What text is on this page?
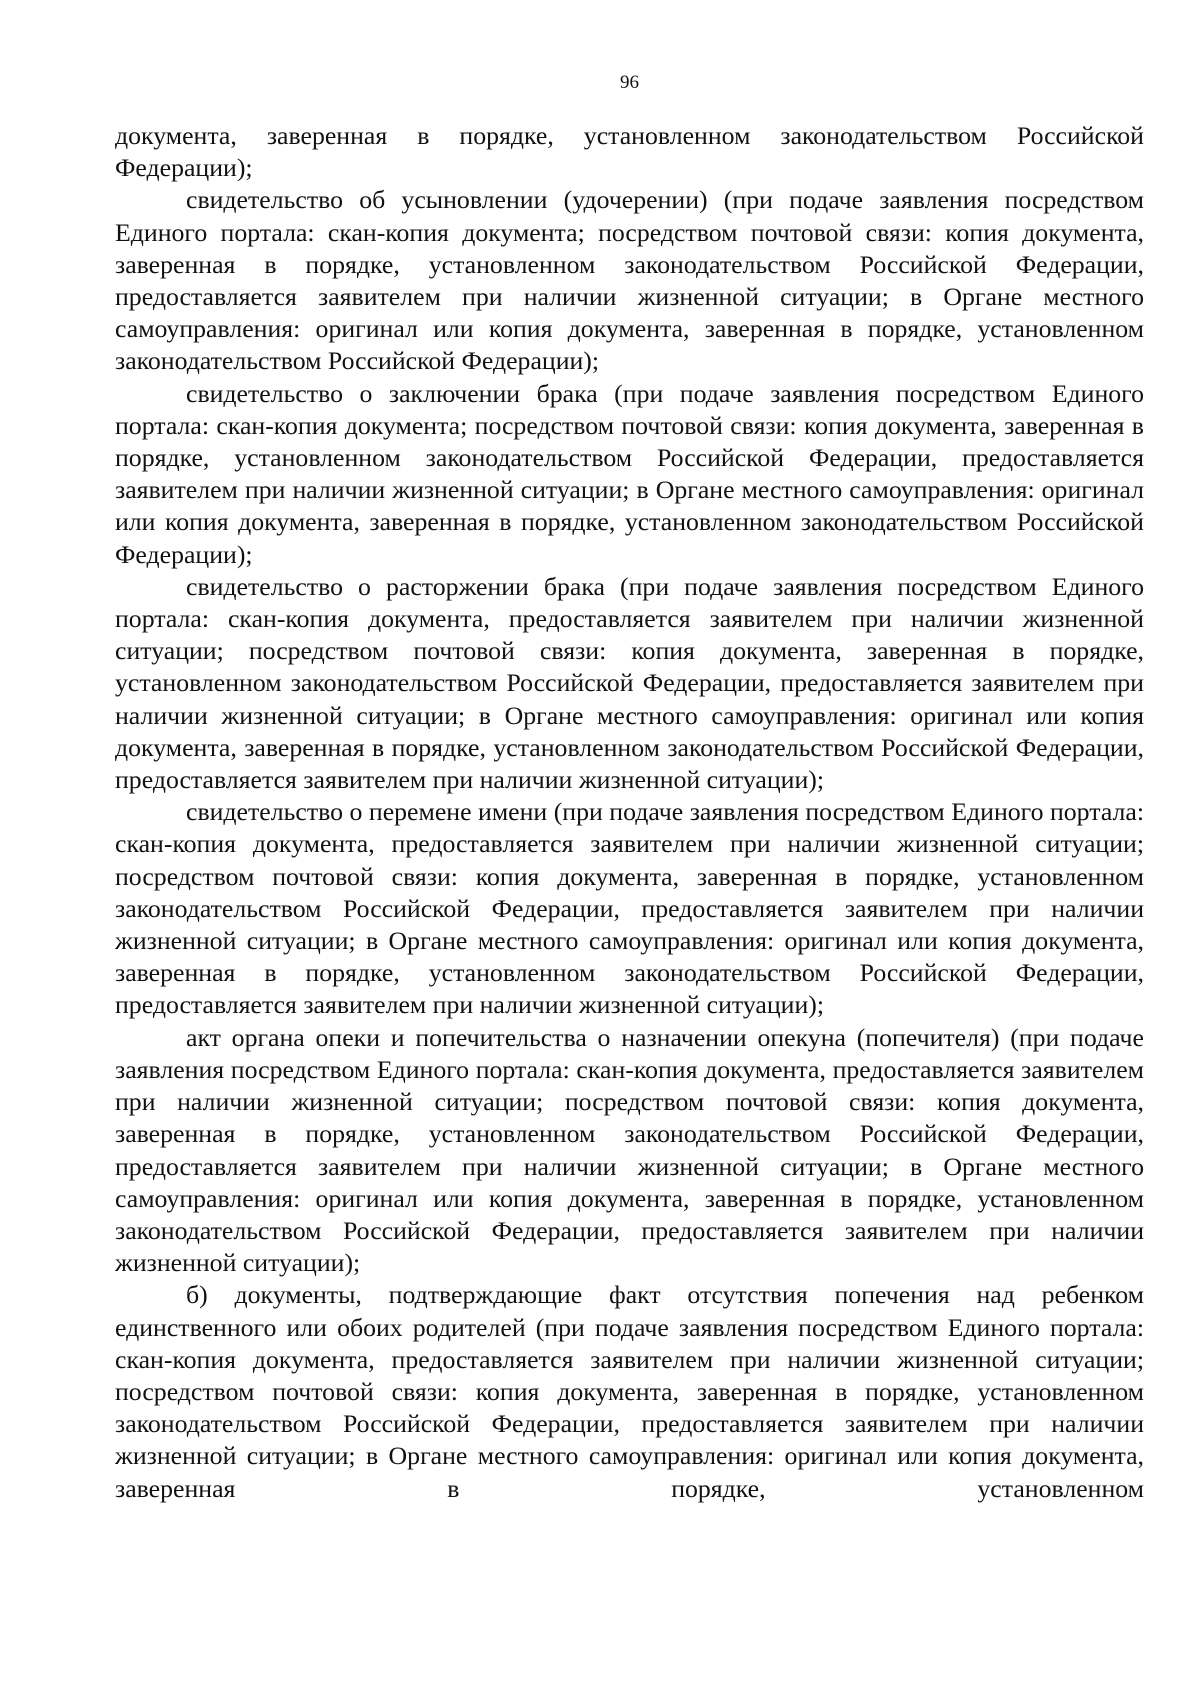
96

документа, заверенная в порядке, установленном законодательством Российской Федерации);

свидетельство об усыновлении (удочерении) (при подаче заявления посредством Единого портала: скан-копия документа; посредством почтовой связи: копия документа, заверенная в порядке, установленном законодательством Российской Федерации, предоставляется заявителем при наличии жизненной ситуации; в Органе местного самоуправления: оригинал или копия документа, заверенная в порядке, установленном законодательством Российской Федерации);

свидетельство о заключении брака (при подаче заявления посредством Единого портала: скан-копия документа; посредством почтовой связи: копия документа, заверенная в порядке, установленном законодательством Российской Федерации, предоставляется заявителем при наличии жизненной ситуации; в Органе местного самоуправления: оригинал или копия документа, заверенная в порядке, установленном законодательством Российской Федерации);

свидетельство о расторжении брака (при подаче заявления посредством Единого портала: скан-копия документа, предоставляется заявителем при наличии жизненной ситуации; посредством почтовой связи: копия документа, заверенная в порядке, установленном законодательством Российской Федерации, предоставляется заявителем при наличии жизненной ситуации; в Органе местного самоуправления: оригинал или копия документа, заверенная в порядке, установленном законодательством Российской Федерации, предоставляется заявителем при наличии жизненной ситуации);

свидетельство о перемене имени (при подаче заявления посредством Единого портала: скан-копия документа, предоставляется заявителем при наличии жизненной ситуации; посредством почтовой связи: копия документа, заверенная в порядке, установленном законодательством Российской Федерации, предоставляется заявителем при наличии жизненной ситуации; в Органе местного самоуправления: оригинал или копия документа, заверенная в порядке, установленном законодательством Российской Федерации, предоставляется заявителем при наличии жизненной ситуации);

акт органа опеки и попечительства о назначении опекуна (попечителя) (при подаче заявления посредством Единого портала: скан-копия документа, предоставляется заявителем при наличии жизненной ситуации; посредством почтовой связи: копия документа, заверенная в порядке, установленном законодательством Российской Федерации, предоставляется заявителем при наличии жизненной ситуации; в Органе местного самоуправления: оригинал или копия документа, заверенная в порядке, установленном законодательством Российской Федерации, предоставляется заявителем при наличии жизненной ситуации);

б) документы, подтверждающие факт отсутствия попечения над ребенком единственного или обоих родителей (при подаче заявления посредством Единого портала: скан-копия документа, предоставляется заявителем при наличии жизненной ситуации; посредством почтовой связи: копия документа, заверенная в порядке, установленном законодательством Российской Федерации, предоставляется заявителем при наличии жизненной ситуации; в Органе местного самоуправления: оригинал или копия документа, заверенная в порядке, установленном
